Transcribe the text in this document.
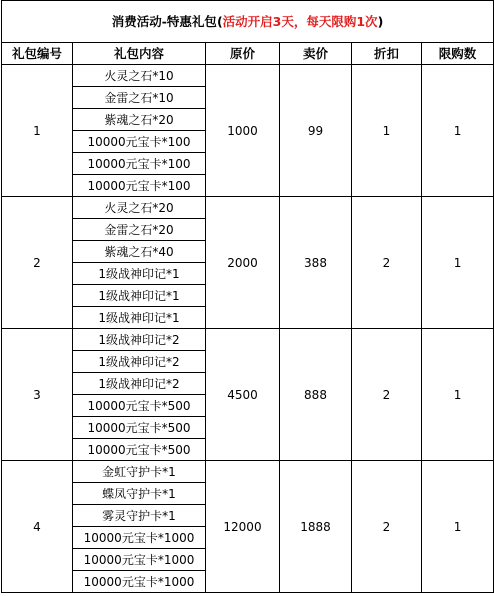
消费活动-特惠礼包(活动开启3天，每天限购1次)					
礼包编号	礼包内容	原价	卖价	折扣	限购数
1	火灵之石*10	1000	99	1	1
	金雷之石*10				
	紫魂之石*20				
	10000元宝卡*100				
	10000元宝卡*100				
	10000元宝卡*100				
2	火灵之石*20	2000	388	2	1
	金雷之石*20				
	紫魂之石*40				
	1级战神印记*1				
	1级战神印记*1				
	1级战神印记*1				
3	1级战神印记*2	4500	888	2	1
	1级战神印记*2				
	1级战神印记*2				
	10000元宝卡*500				
	10000元宝卡*500				
	10000元宝卡*500				
4	金虹守护卡*1	12000	1888	2	1
	蝶凤守护卡*1				
	雾灵守护卡*1				
	10000元宝卡*1000				
	10000元宝卡*1000				
	10000元宝卡*1000				
